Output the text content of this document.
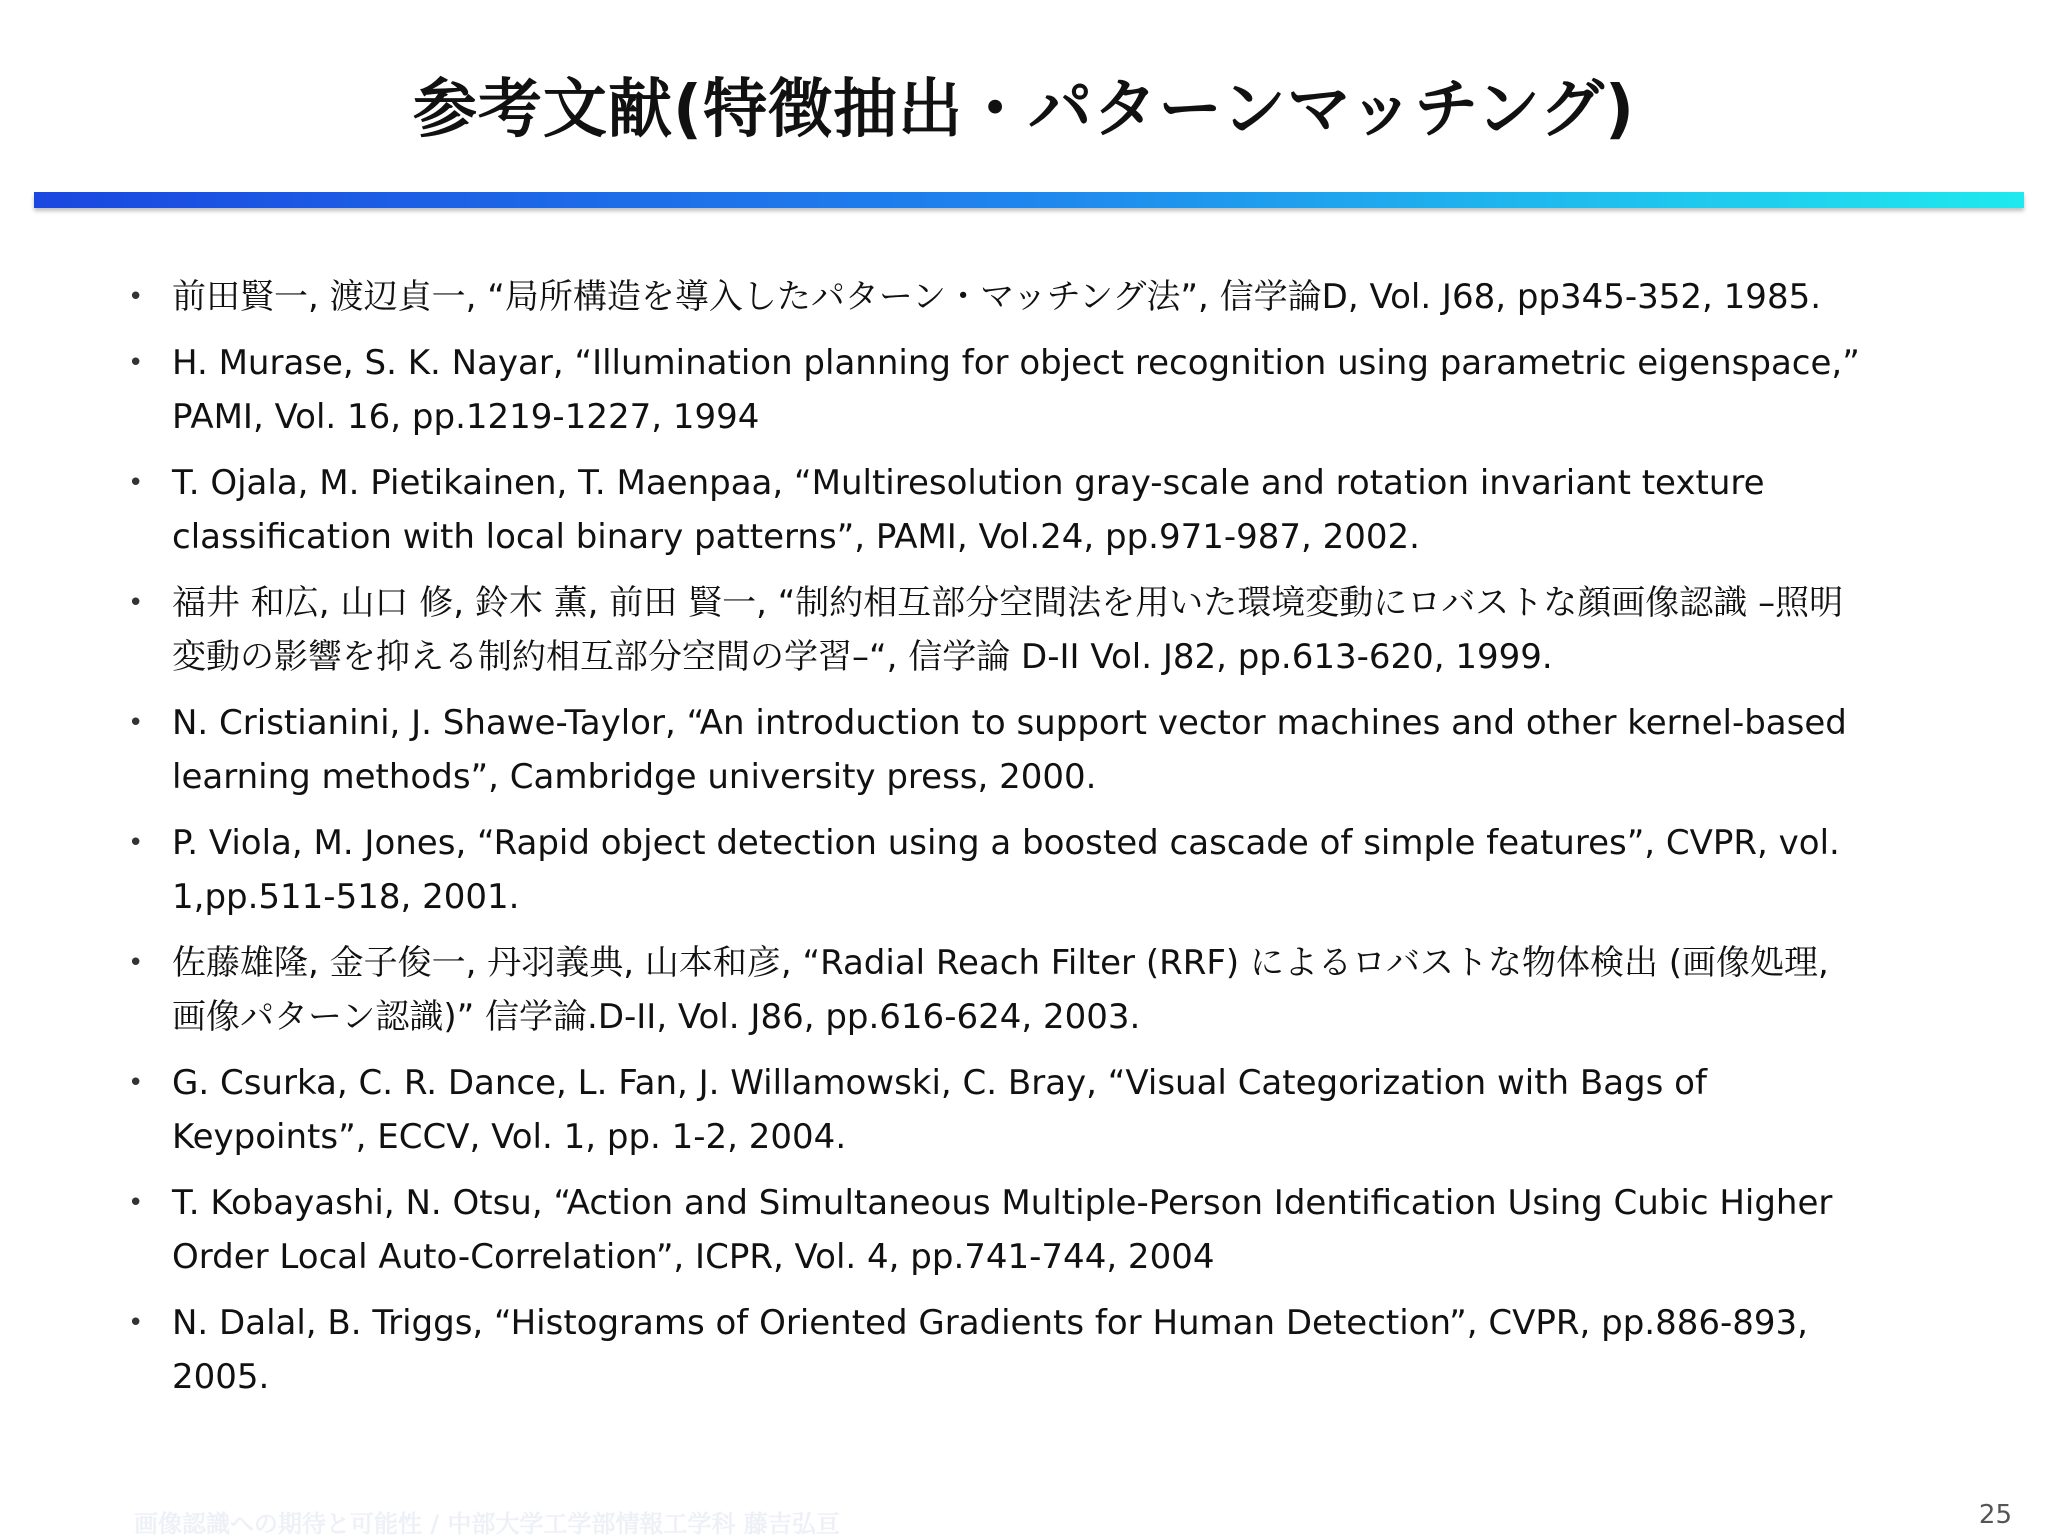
参考文献(特徴抽出・パターンマッチング)
• 前田賢一, 渡辺貞一, “局所構造を導入したパターン・マッチング法”, 信学論D, Vol. J68, pp345-352, 1985.
• H. Murase, S. K. Nayar, “Illumination planning for object recognition using parametric eigenspace,”
PAMI, Vol. 16, pp.1219-1227, 1994
• T. Ojala, M. Pietikainen, T. Maenpaa, “Multiresolution gray-scale and rotation invariant texture
classification with local binary patterns”, PAMI, Vol.24, pp.971-987, 2002.
• 福井 和広, 山口 修, 鈴木 薫, 前田 賢一, “制約相互部分空間法を用いた環境変動にロバストな顔画像認識 –照明
変動の影響を抑える制約相互部分空間の学習–“, 信学論 D-II Vol. J82, pp.613-620, 1999.
• N. Cristianini, J. Shawe-Taylor, “An introduction to support vector machines and other kernel-based
learning methods”, Cambridge university press, 2000.
• P. Viola, M. Jones, “Rapid object detection using a boosted cascade of simple features”, CVPR, vol.
1,pp.511-518, 2001.
• 佐藤雄隆, 金子俊一, 丹羽義典, 山本和彦, “Radial Reach Filter (RRF) によるロバストな物体検出 (画像処理,
画像パターン認識)” 信学論.D-II, Vol. J86, pp.616-624, 2003.
• G. Csurka, C. R. Dance, L. Fan, J. Willamowski, C. Bray, “Visual Categorization with Bags of
Keypoints”, ECCV, Vol. 1, pp. 1-2, 2004.
• T. Kobayashi, N. Otsu, “Action and Simultaneous Multiple-Person Identification Using Cubic Higher
Order Local Auto-Correlation”, ICPR, Vol. 4, pp.741-744, 2004
• N. Dalal, B. Triggs, “Histograms of Oriented Gradients for Human Detection”, CVPR, pp.886-893,
2005.
画像認識への期待と可能性 / 中部大学工学部情報工学科 藤吉弘亘	25
